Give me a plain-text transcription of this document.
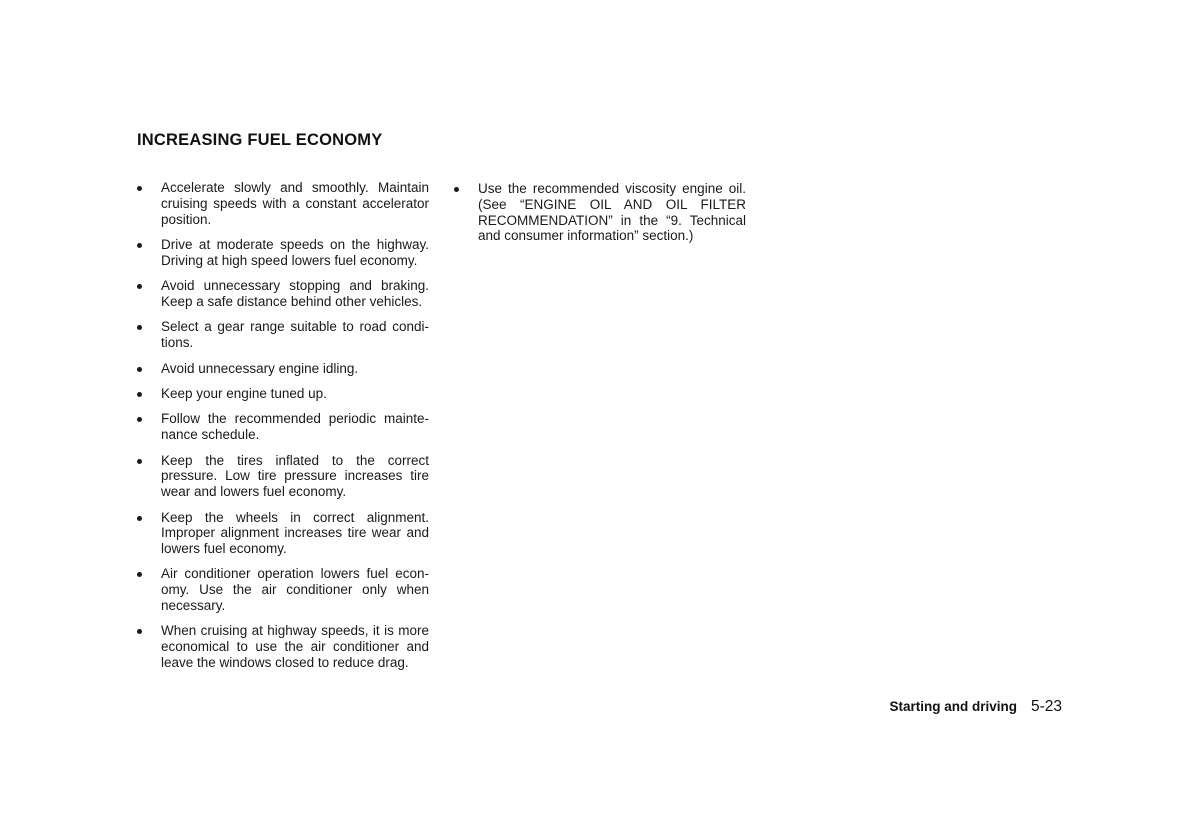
INCREASING FUEL ECONOMY
Accelerate slowly and smoothly. Maintain cruising speeds with a constant accelerator position.
Drive at moderate speeds on the highway. Driving at high speed lowers fuel economy.
Avoid unnecessary stopping and braking. Keep a safe distance behind other vehicles.
Select a gear range suitable to road condi-tions.
Avoid unnecessary engine idling.
Keep your engine tuned up.
Follow the recommended periodic mainte-nance schedule.
Keep the tires inflated to the correct pressure. Low tire pressure increases tire wear and lowers fuel economy.
Keep the wheels in correct alignment. Improper alignment increases tire wear and lowers fuel economy.
Air conditioner operation lowers fuel econ-omy. Use the air conditioner only when necessary.
When cruising at highway speeds, it is more economical to use the air conditioner and leave the windows closed to reduce drag.
Use the recommended viscosity engine oil. (See “ENGINE OIL AND OIL FILTER RECOMMENDATION” in the “9. Technical and consumer information” section.)
Starting and driving 5-23
